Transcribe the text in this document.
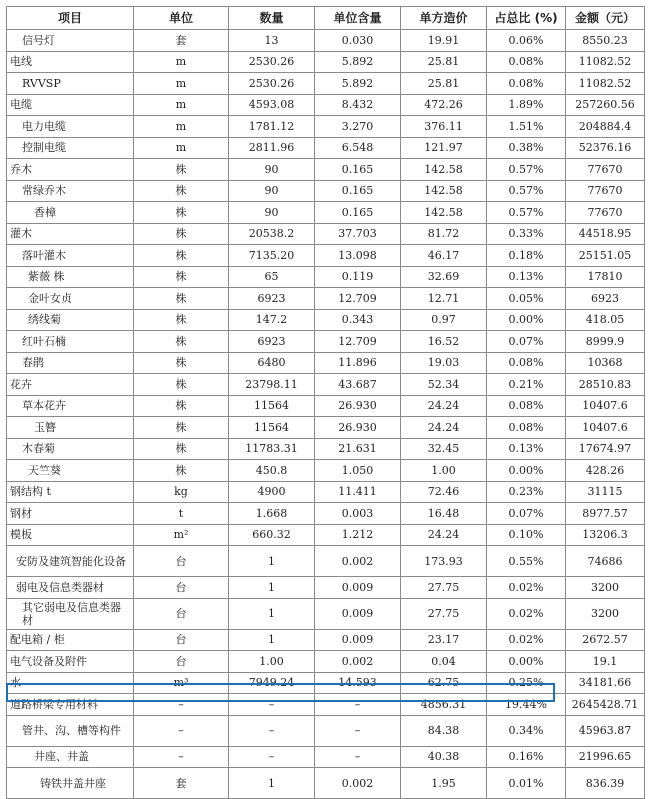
项目	单位	数量	单位含量	单方造价	占总比 (%)	金额（元）
信号灯	套	13	0.030	19.91	0.06%	8550.23
电线	m	2530.26	5.892	25.81	0.08%	11082.52
RVVSP	m	2530.26	5.892	25.81	0.08%	11082.52
电缆	m	4593.08	8.432	472.26	1.89%	257260.56
电力电缆	m	1781.12	3.270	376.11	1.51%	204884.4
控制电缆	m	2811.96	6.548	121.97	0.38%	52376.16
乔木	株	90	0.165	142.58	0.57%	77670
常绿乔木	株	90	0.165	142.58	0.57%	77670
香樟	株	90	0.165	142.58	0.57%	77670
灌木	株	20538.2	37.703	81.72	0.33%	44518.95
落叶灌木	株	7135.20	13.098	46.17	0.18%	25151.05
紫薇 株	株	65	0.119	32.69	0.13%	17810
金叶女贞	株	6923	12.709	12.71	0.05%	6923
绣线菊	株	147.2	0.343	0.97	0.00%	418.05
红叶石楠	株	6923	12.709	16.52	0.07%	8999.9
春鹃	株	6480	11.896	19.03	0.08%	10368
花卉	株	23798.11	43.687	52.34	0.21%	28510.83
草本花卉	株	11564	26.930	24.24	0.08%	10407.6
玉簪	株	11564	26.930	24.24	0.08%	10407.6
木春菊	株	11783.31	21.631	32.45	0.13%	17674.97
天竺葵	株	450.8	1.050	1.00	0.00%	428.26
钢结构 t	kg	4900	11.411	72.46	0.23%	31115
钢材	t	1.668	0.003	16.48	0.07%	8977.57
模板	m²	660.32	1.212	24.24	0.10%	13206.3
安防及建筑智能化设备	台	1	0.002	173.93	0.55%	74686
弱电及信息类器材	台	1	0.009	27.75	0.02%	3200
其它弱电及信息类器材	台	1	0.009	27.75	0.02%	3200
配电箱 / 柜	台	1	0.009	23.17	0.02%	2672.57
电气设备及附件	台	1.00	0.002	0.04	0.00%	19.1
水	m³	7949.24	14.593	62.75	0.25%	34181.66
道路桥梁专用材料	–	–	–	4856.31	19.44%	2645428.71
管井、沟、槽等构件	–	–	–	84.38	0.34%	45963.87
井座、井盖	–	–	–	40.38	0.16%	21996.65
铸铁井盖井座	套	1	0.002	1.95	0.01%	836.39
